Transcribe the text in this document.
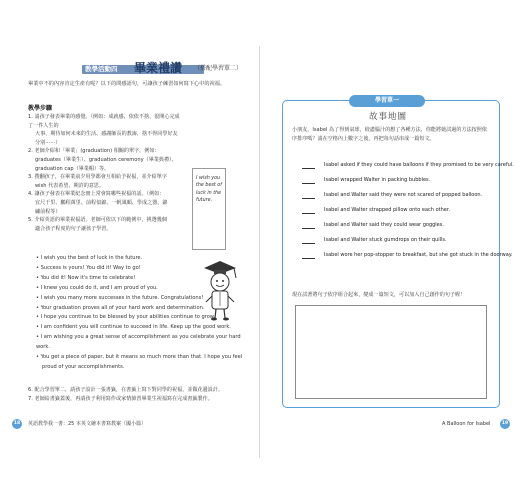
教學活動四 畢業禮讚 （搭配學習單二）
畢業中不的內容肯定生產有呢？以下的問感語句，可讓孩子練習如何寫下心中的祝福。
教學步驟

1. 請孩子發表畢業的感覺。（例如：成就感、依依不捨、很開心完成了一件人生的

大事，期待如何未來的生活、感謝師長的教誨，捨不得同學好友分別⋯⋯）

2. 老師介紹和「畢業」(graduation) 相關的單字，例如：

graduates（畢業生）、graduation ceremony（畢業典禮）、

graduation cap（畢業帽）等。

3. 搜翻孩子，在畢業前夕用學都會互相給予祝福，並介紹單字

wish 代表希望、期許的意思。

4. 讓孩子發表在畢業紀念冊上常會寫哪些祝福的話。（例如：

宜尺千里、鵬程萬里、前程似錦、一帆風順、學成之器，錦

繡前程等）

5. 介紹英語的畢業祝福語，老師可依以下的範例中，挑選幾個

適合孩子程度的句子讓孩子學習。

I wish you the best of luck in the future.

• I wish you the best of luck in the future.

• Success is yours! You did it! Way to go!

• You did it! Now it's time to celebrate!

• I knew you could do it, and I am proud of you.

• I wish you many more successes in the future. Congratulations!

• Your graduation proves all of your hard work and determination.

• I hope you continue to be blessed by your abilities continue to grow.

• I am confident you will continue to succeed in life. Keep up the good work.

• I am wishing you a great sense of accomplishment as you celebrate your hard work.

• You get a piece of paper, but it means so much more than that. I hope you feel

proud of your accomplishments.

6. 配合學習單二，請孩子設計一張書籤，在書籤上寫下對同學的祝福，並做花邊設計。

7. 老師給書籤蓋後，再請孩子利用寫作或家情節習畢業生祝福寫在完成書籤製作。

18	英語教學我一書：25 本英文繪本書寫教案（國小篇）
學習單一
故事地圖
小朋友，Isabel 為了得到氣球，絞盡腦汁的想了各種方法，你能將她試過的方法按照依序排序嗎？請在空格內上數字之後，再把每句話串成一篇短文。
Isabel asked if they could have balloons if they promised to be very careful.
Isabel wrapped Walter in packing bubbles.
Isabel and Walter said they were not scared of popped balloon.
Isabel and Walter strapped pillow onto each other.
Isabel and Walter said they could wear goggles.
Isabel and Walter stuck gumdrops on their quills.
Isabel wore her pop-stopper to breakfast, but she got stuck in the doorway.
現在試著將句子依序組合起來，變成一篇短文，可以加入自己創作的句子喔！
A Balloon for Isabel	19
